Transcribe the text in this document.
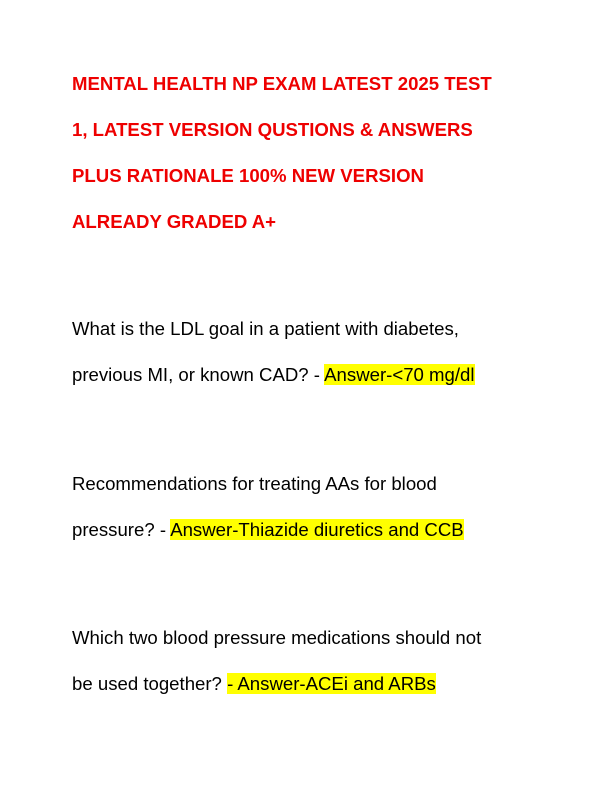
MENTAL HEALTH NP EXAM LATEST 2025 TEST
1, LATEST VERSION QUSTIONS & ANSWERS
PLUS RATIONALE 100% NEW VERSION
ALREADY GRADED A+
What is the LDL goal in a patient with diabetes,
previous MI, or known CAD? - Answer-<70 mg/dl
Recommendations for treating AAs for blood
pressure? - Answer-Thiazide diuretics and CCB
Which two blood pressure medications should not
be used together? - Answer-ACEi and ARBs
